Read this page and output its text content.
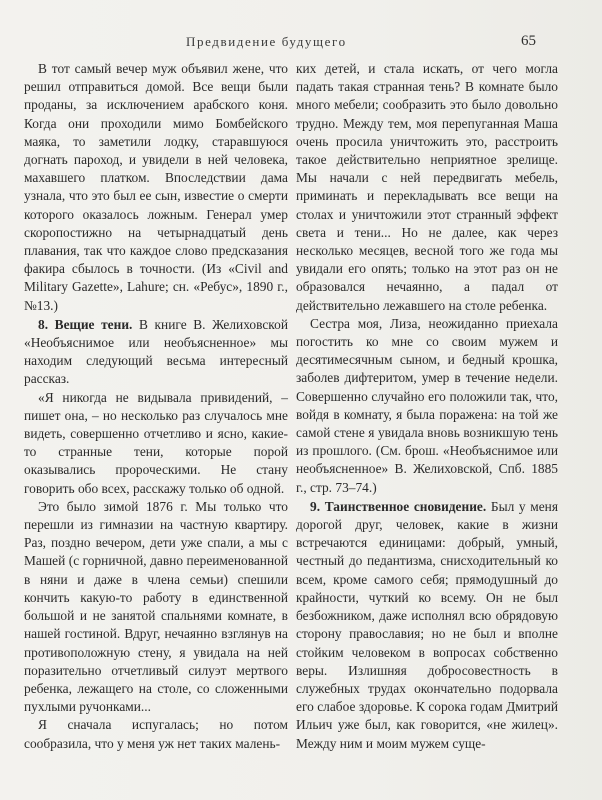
Предвидение будущего	65

В тот самый вечер муж объявил жене, что решил отправиться домой. Все вещи были проданы, за исключением арабского коня. Когда они проходили мимо Бомбейского маяка, то заметили лодку, старавшуюся догнать пароход, и увидели в ней человека, махавшего платком. Впоследствии дама узнала, что это был ее сын, известие о смерти которого оказалось ложным. Генерал умер скоропостижно на четырнадцатый день плавания, так что каждое слово предсказания факира сбылось в точности. (Из «Civil and Military Gazette», Lahure; сн. «Ребус», 1890 г., №13.)

8. Вещие тени. В книге В. Желиховской «Необъяснимое или необъясненное» мы находим следующий весьма интересный рассказ.

«Я никогда не видывала привидений, – пишет она, – но несколько раз случалось мне видеть, совершенно отчетливо и ясно, какие-то странные тени, которые порой оказывались пророческими. Не стану говорить обо всех, расскажу только об одной.

Это было зимой 1876 г. Мы только что перешли из гимназии на частную квартиру. Раз, поздно вечером, дети уже спали, а мы с Машей (с горничной, давно переименованной в няни и даже в члена семьи) спешили кончить какую-то работу в единственной большой и не занятой спальнями комнате, в нашей гостиной. Вдруг, нечаянно взглянув на противоположную стену, я увидала на ней поразительно отчетливый силуэт мертвого ребенка, лежащего на столе, со сложенными пухлыми ручонками...

Я сначала испугалась; но потом сообразила, что у меня уж нет таких малень-

ких детей, и стала искать, от чего могла падать такая странная тень? В комнате было много мебели; сообразить это было довольно трудно. Между тем, моя перепуганная Маша очень просила уничтожить это, расстроить такое действительно неприятное зрелище. Мы начали с ней передвигать мебель, приминать и перекладывать все вещи на столах и уничтожили этот странный эффект света и тени... Но не далее, как через несколько месяцев, весной того же года мы увидали его опять; только на этот раз он не образовался нечаянно, а падал от действительно лежавшего на столе ребенка.

Сестра моя, Лиза, неожиданно приехала погостить ко мне со своим мужем и десятимесячным сыном, и бедный крошка, заболев дифтеритом, умер в течение недели. Совершенно случайно его положили так, что, войдя в комнату, я была поражена: на той же самой стене я увидала вновь возникшую тень из прошлого. (См. брош. «Необъяснимое или необъясненное» В. Желиховской, Спб. 1885 г., стр. 73–74.)

9. Таинственное сновидение. Был у меня дорогой друг, человек, какие в жизни встречаются единицами: добрый, умный, честный до педантизма, снисходительный ко всем, кроме самого себя; прямодушный до крайности, чуткий ко всему. Он не был безбожником, даже исполнял всю обрядовую сторону православия; но не был и вполне стойким человеком в вопросах собственно веры. Излишняя добросовестность в служебных трудах окончательно подорвала его слабое здоровье. К сорока годам Дмитрий Ильич уже был, как говорится, «не жилец». Между ним и моим мужем суще-
